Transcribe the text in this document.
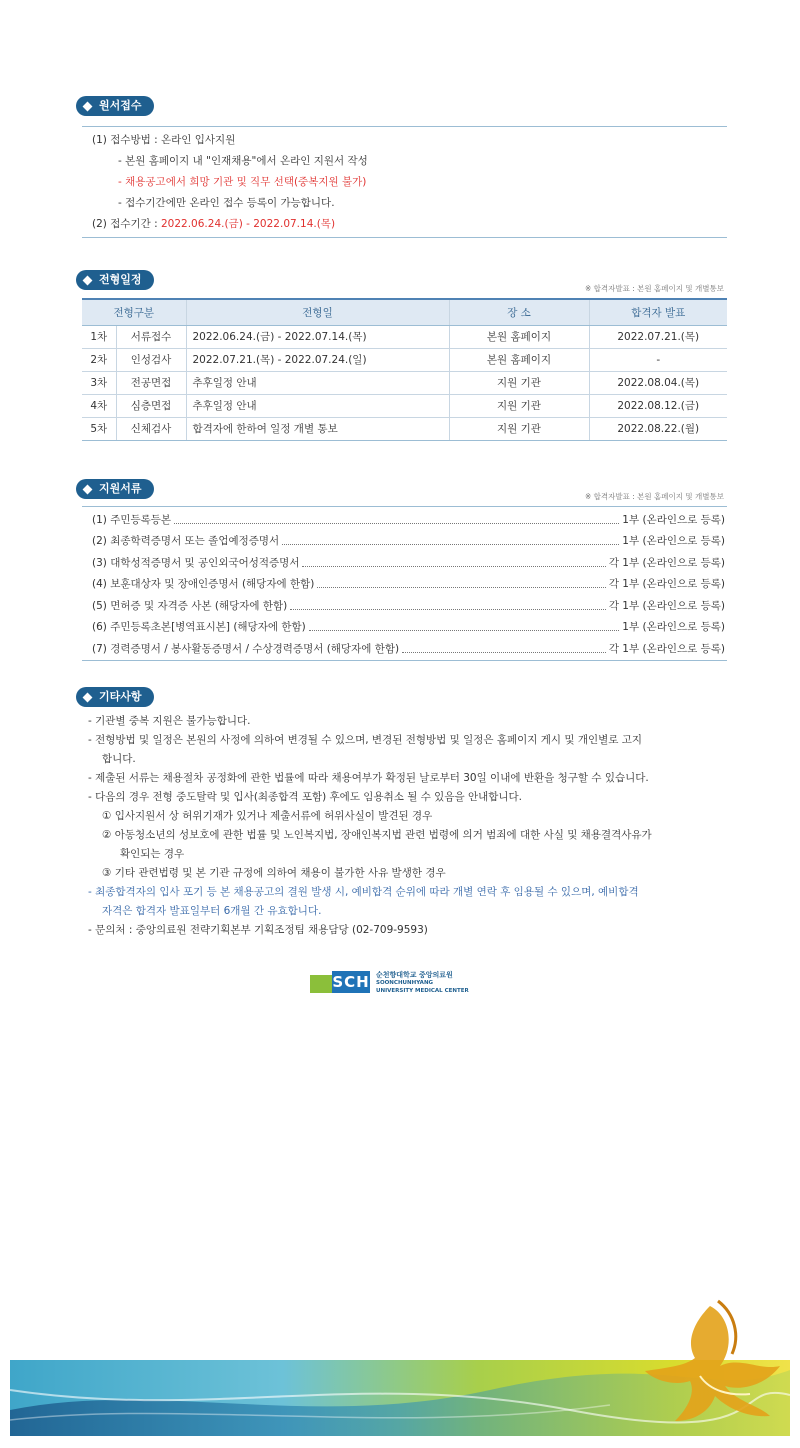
원서접수
(1) 접수방법 : 온라인 입사지원
- 본원 홈페이지 내 "인재채용"에서 온라인 지원서 작성
- 채용공고에서 희망 기관 및 직무 선택(중복지원 불가)
- 접수기간에만 온라인 접수 등록이 가능합니다.
(2) 접수기간 : 2022.06.24.(금) - 2022.07.14.(목)
전형일정
※ 합격자발표 : 본원 홈페이지 및 개별통보
전형구분		전형일	장 소	합격자 발표
1차	서류접수	2022.06.24.(금) - 2022.07.14.(목)	본원 홈페이지	2022.07.21.(목)
2차	인성검사	2022.07.21.(목) - 2022.07.24.(일)	본원 홈페이지	-
3차	전공면접	추후일정 안내	지원 기관	2022.08.04.(목)
4차	심층면접	추후일정 안내	지원 기관	2022.08.12.(금)
5차	신체검사	합격자에 한하여 일정 개별 통보	지원 기관	2022.08.22.(월)
지원서류
※ 합격자발표 : 본원 홈페이지 및 개별통보
(1) 주민등록등본	1부 (온라인으로 등록)
(2) 최종학력증명서 또는 졸업예정증명서	1부 (온라인으로 등록)
(3) 대학성적증명서 및 공인외국어성적증명서	각 1부 (온라인으로 등록)
(4) 보훈대상자 및 장애인증명서 (해당자에 한함)	각 1부 (온라인으로 등록)
(5) 면허증 및 자격증 사본 (해당자에 한함)	각 1부 (온라인으로 등록)
(6) 주민등록초본[병역표시본] (해당자에 한함)	1부 (온라인으로 등록)
(7) 경력증명서 / 봉사활동증명서 / 수상경력증명서 (해당자에 한함)	각 1부 (온라인으로 등록)
기타사항
- 기관별 중복 지원은 불가능합니다.
- 전형방법 및 일정은 본원의 사정에 의하여 변경될 수 있으며, 변경된 전형방법 및 일정은 홈페이지 게시 및 개인별로 고지
합니다.
- 제출된 서류는 채용절차 공정화에 관한 법률에 따라 채용여부가 확정된 날로부터 30일 이내에 반환을 청구할 수 있습니다.
- 다음의 경우 전형 중도탈락 및 입사(최종합격 포함) 후에도 임용취소 될 수 있음을 안내합니다.
① 입사지원서 상 허위기재가 있거나 제출서류에 허위사실이 발견된 경우
② 아동청소년의 성보호에 관한 법률 및 노인복지법, 장애인복지법 관련 법령에 의거 범죄에 대한 사실 및 채용결격사유가
확인되는 경우
③ 기타 관련법령 및 본 기관 규정에 의하여 채용이 불가한 사유 발생한 경우
- 최종합격자의 입사 포기 등 본 채용공고의 결원 발생 시, 예비합격 순위에 따라 개별 연락 후 임용될 수 있으며, 예비합격
자격은 합격자 발표일부터 6개월 간 유효합니다.
- 문의처 : 중앙의료원 전략기획본부 기획조정팀 채용담당 (02-709-9593)
SCH 순천향대학교 중앙의료원
SOONCHUNHYANG
UNIVERSITY MEDICAL CENTER
